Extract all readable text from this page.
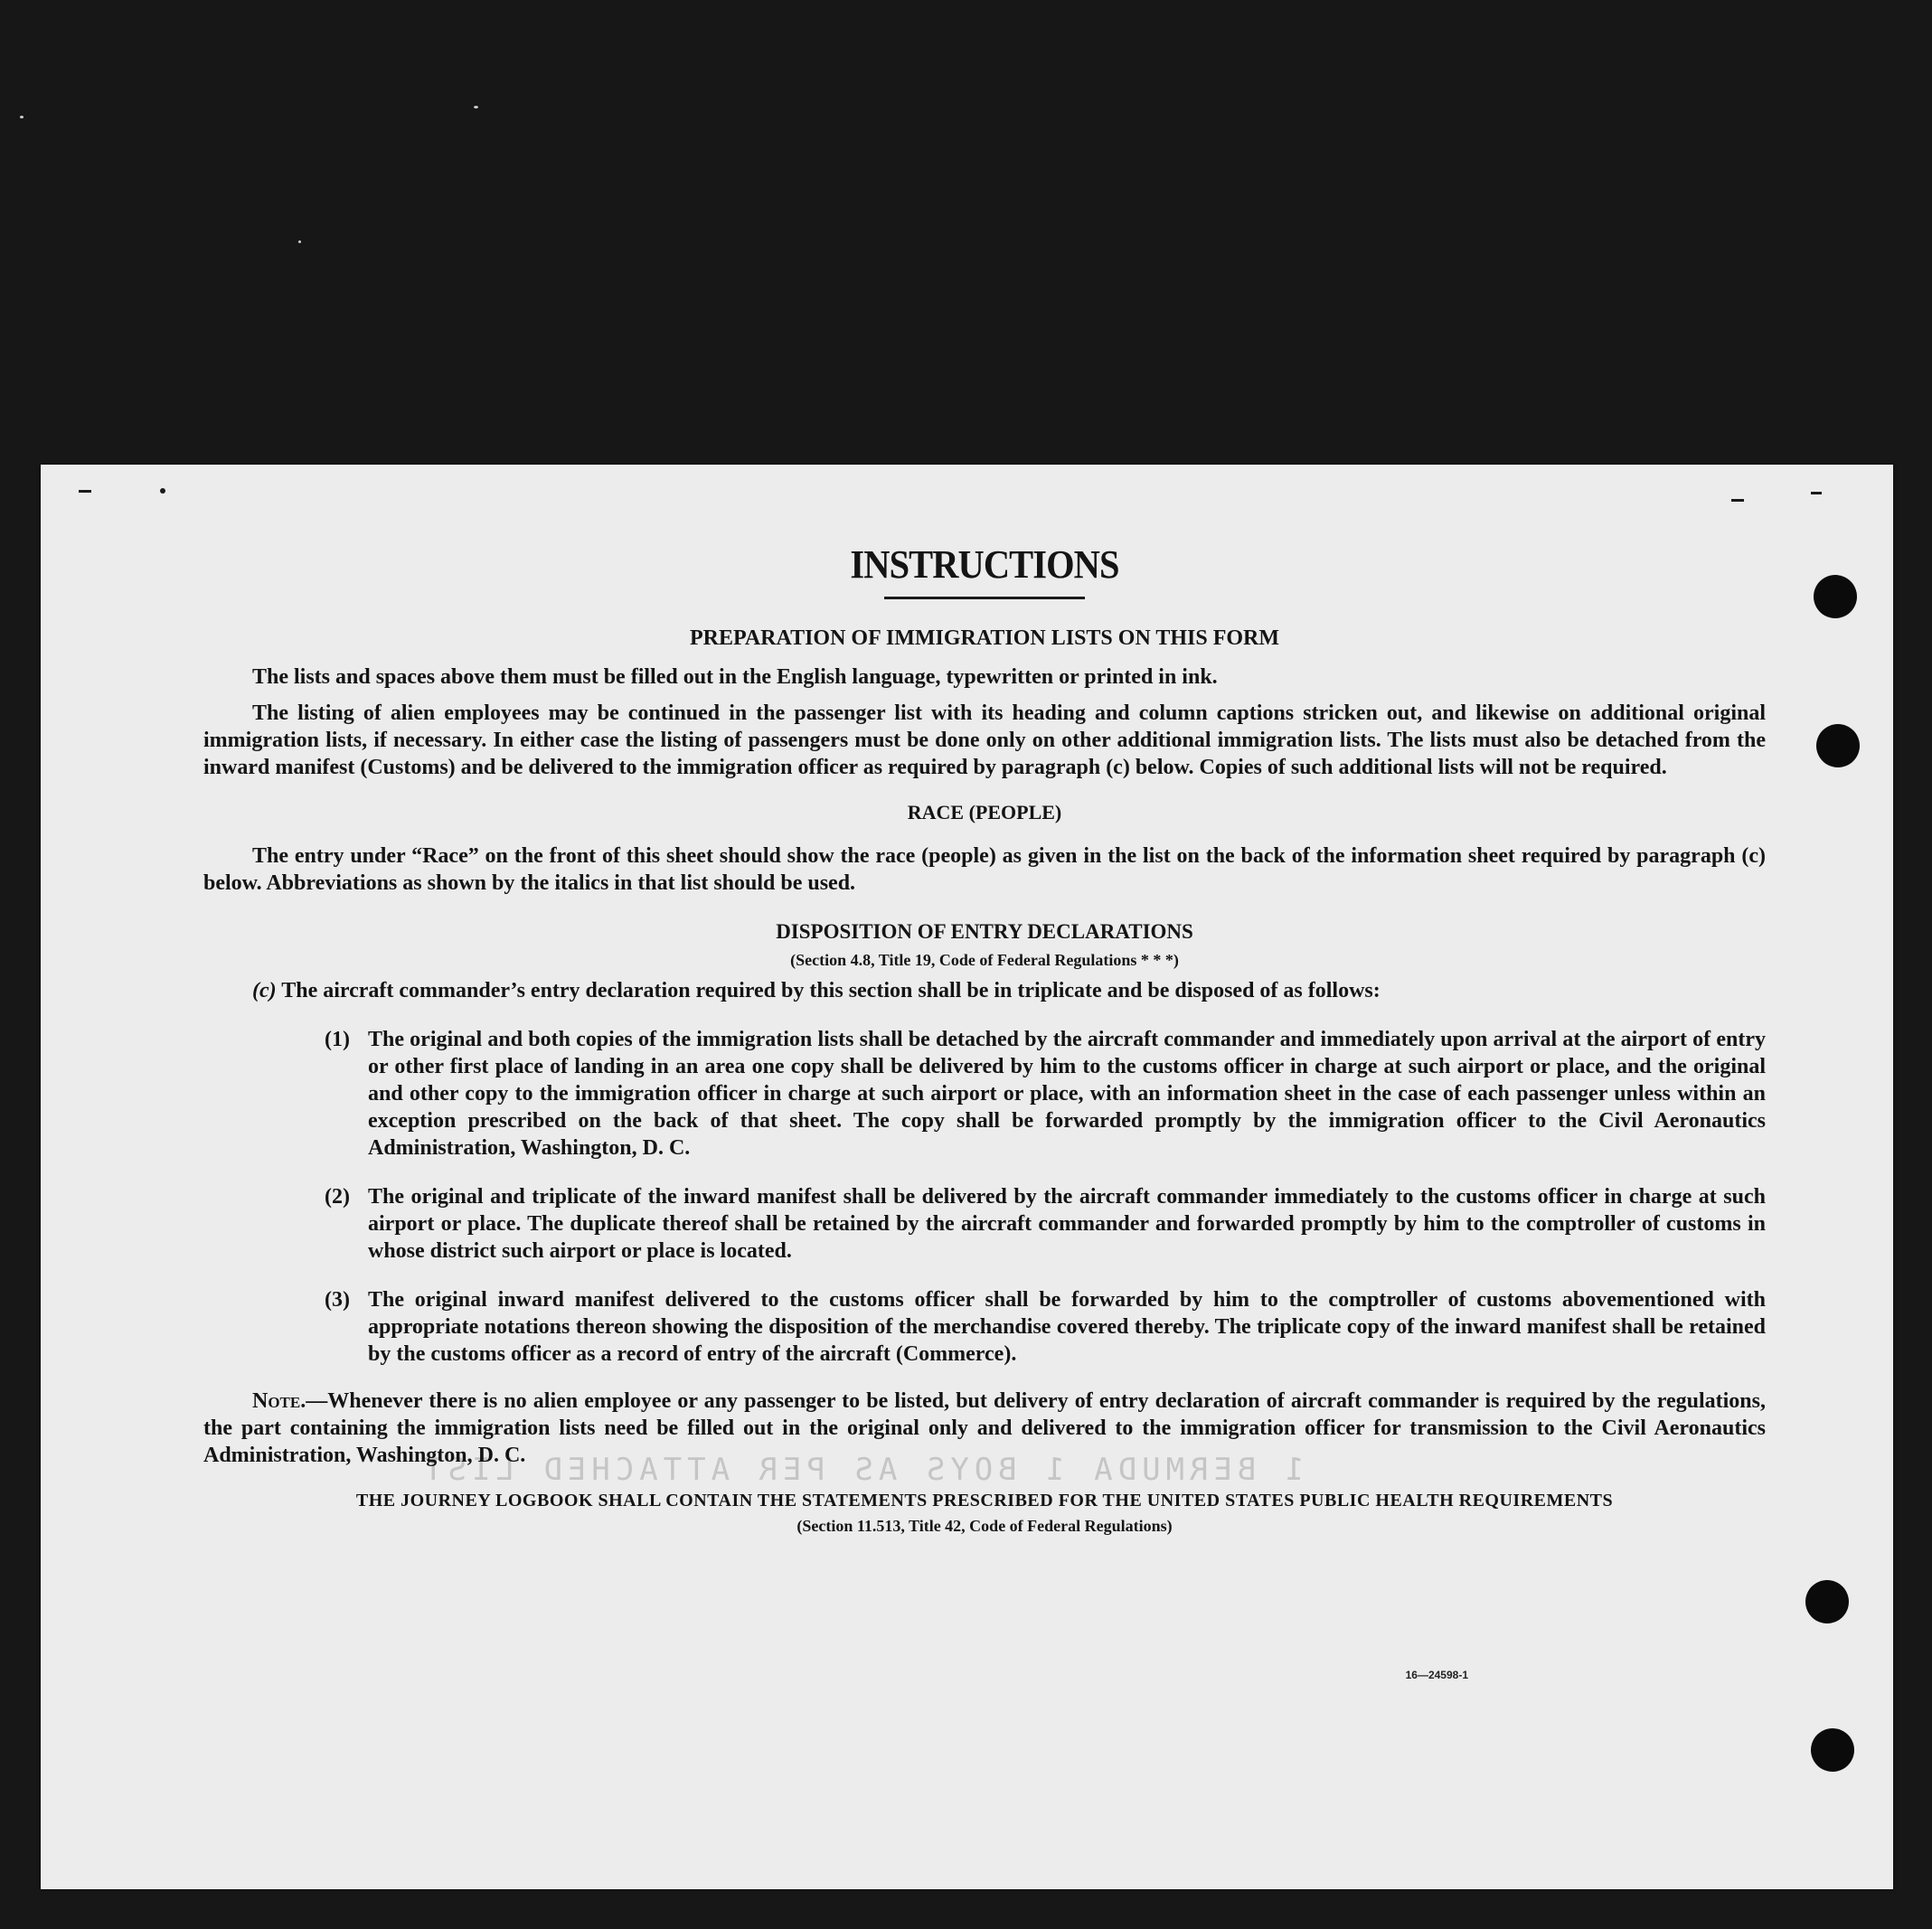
1 BERMUDA 1 BOYS AS PER ATTACHED LIST
INSTRUCTIONS
PREPARATION OF IMMIGRATION LISTS ON THIS FORM

The lists and spaces above them must be filled out in the English language, typewritten or printed in ink.

The listing of alien employees may be continued in the passenger list with its heading and column captions stricken out, and likewise on additional original immigration lists, if necessary. In either case the listing of passengers must be done only on other additional immigration lists. The lists must also be detached from the inward manifest (Customs) and be delivered to the immigration officer as required by paragraph (c) below. Copies of such additional lists will not be required.

RACE (PEOPLE)

The entry under “Race” on the front of this sheet should show the race (people) as given in the list on the back of the information sheet required by paragraph (c) below. Abbreviations as shown by the italics in that list should be used.

DISPOSITION OF ENTRY DECLARATIONS

(Section 4.8, Title 19, Code of Federal Regulations * * *)

(c) The aircraft commander’s entry declaration required by this section shall be in triplicate and be disposed of as follows:

(1) The original and both copies of the immigration lists shall be detached by the aircraft commander and immediately upon arrival at the airport of entry or other first place of landing in an area one copy shall be delivered by him to the customs officer in charge at such airport or place, and the original and other copy to the immigration officer in charge at such airport or place, with an information sheet in the case of each passenger unless within an exception prescribed on the back of that sheet. The copy shall be forwarded promptly by the immigration officer to the Civil Aeronautics Administration, Washington, D. C.

(2) The original and triplicate of the inward manifest shall be delivered by the aircraft commander immediately to the customs officer in charge at such airport or place. The duplicate thereof shall be retained by the aircraft commander and forwarded promptly by him to the comptroller of customs in whose district such airport or place is located.

(3) The original inward manifest delivered to the customs officer shall be forwarded by him to the comptroller of customs abovementioned with appropriate notations thereon showing the disposition of the merchandise covered thereby. The triplicate copy of the inward manifest shall be retained by the customs officer as a record of entry of the aircraft (Commerce).

Note.—Whenever there is no alien employee or any passenger to be listed, but delivery of entry declaration of aircraft commander is required by the regulations, the part containing the immigration lists need be filled out in the original only and delivered to the immigration officer for transmission to the Civil Aeronautics Administration, Washington, D. C.

THE JOURNEY LOGBOOK SHALL CONTAIN THE STATEMENTS PRESCRIBED FOR THE UNITED STATES PUBLIC HEALTH REQUIREMENTS

(Section 11.513, Title 42, Code of Federal Regulations)

16—24598-1
